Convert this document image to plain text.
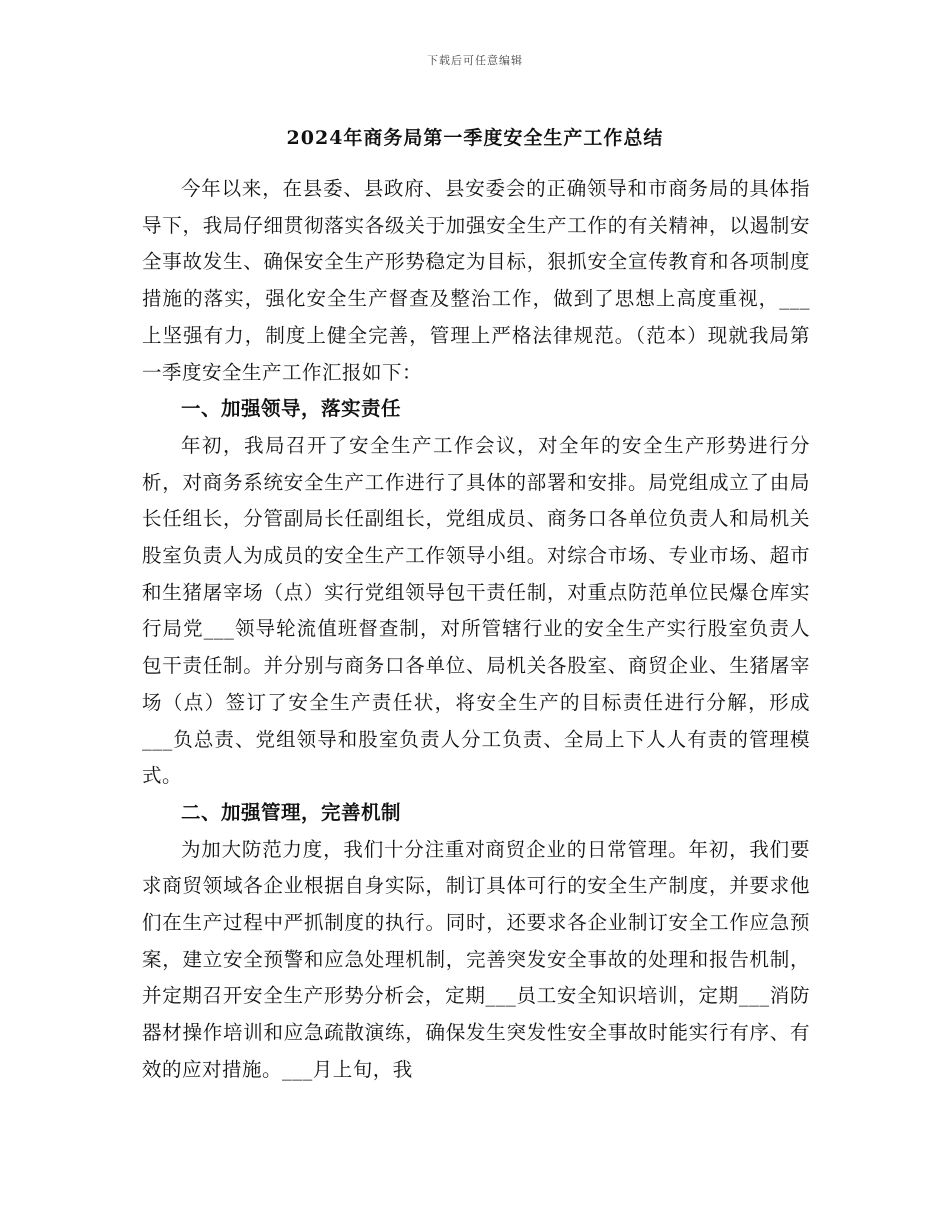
下载后可任意编辑
2024年商务局第一季度安全生产工作总结

今年以来，在县委、县政府、县安委会的正确领导和市商务局的具体指导下，我局仔细贯彻落实各级关于加强安全生产工作的有关精神，以遏制安全事故发生、确保安全生产形势稳定为目标，狠抓安全宣传教育和各项制度措施的落实，强化安全生产督查及整治工作，做到了思想上高度重视，___上坚强有力，制度上健全完善，管理上严格法律规范。（范本）现就我局第一季度安全生产工作汇报如下：

一、加强领导，落实责任

年初，我局召开了安全生产工作会议，对全年的安全生产形势进行分析，对商务系统安全生产工作进行了具体的部署和安排。局党组成立了由局长任组长，分管副局长任副组长，党组成员、商务口各单位负责人和局机关股室负责人为成员的安全生产工作领导小组。对综合市场、专业市场、超市和生猪屠宰场（点）实行党组领导包干责任制，对重点防范单位民爆仓库实行局党___领导轮流值班督查制，对所管辖行业的安全生产实行股室负责人包干责任制。并分别与商务口各单位、局机关各股室、商贸企业、生猪屠宰场（点）签订了安全生产责任状，将安全生产的目标责任进行分解，形成___负总责、党组领导和股室负责人分工负责、全局上下人人有责的管理模式。

二、加强管理，完善机制

为加大防范力度，我们十分注重对商贸企业的日常管理。年初，我们要求商贸领域各企业根据自身实际，制订具体可行的安全生产制度，并要求他们在生产过程中严抓制度的执行。同时，还要求各企业制订安全工作应急预案，建立安全预警和应急处理机制，完善突发安全事故的处理和报告机制，并定期召开安全生产形势分析会，定期___员工安全知识培训，定期___消防器材操作培训和应急疏散演练，确保发生突发性安全事故时能实行有序、有效的应对措施。___月上旬，我
